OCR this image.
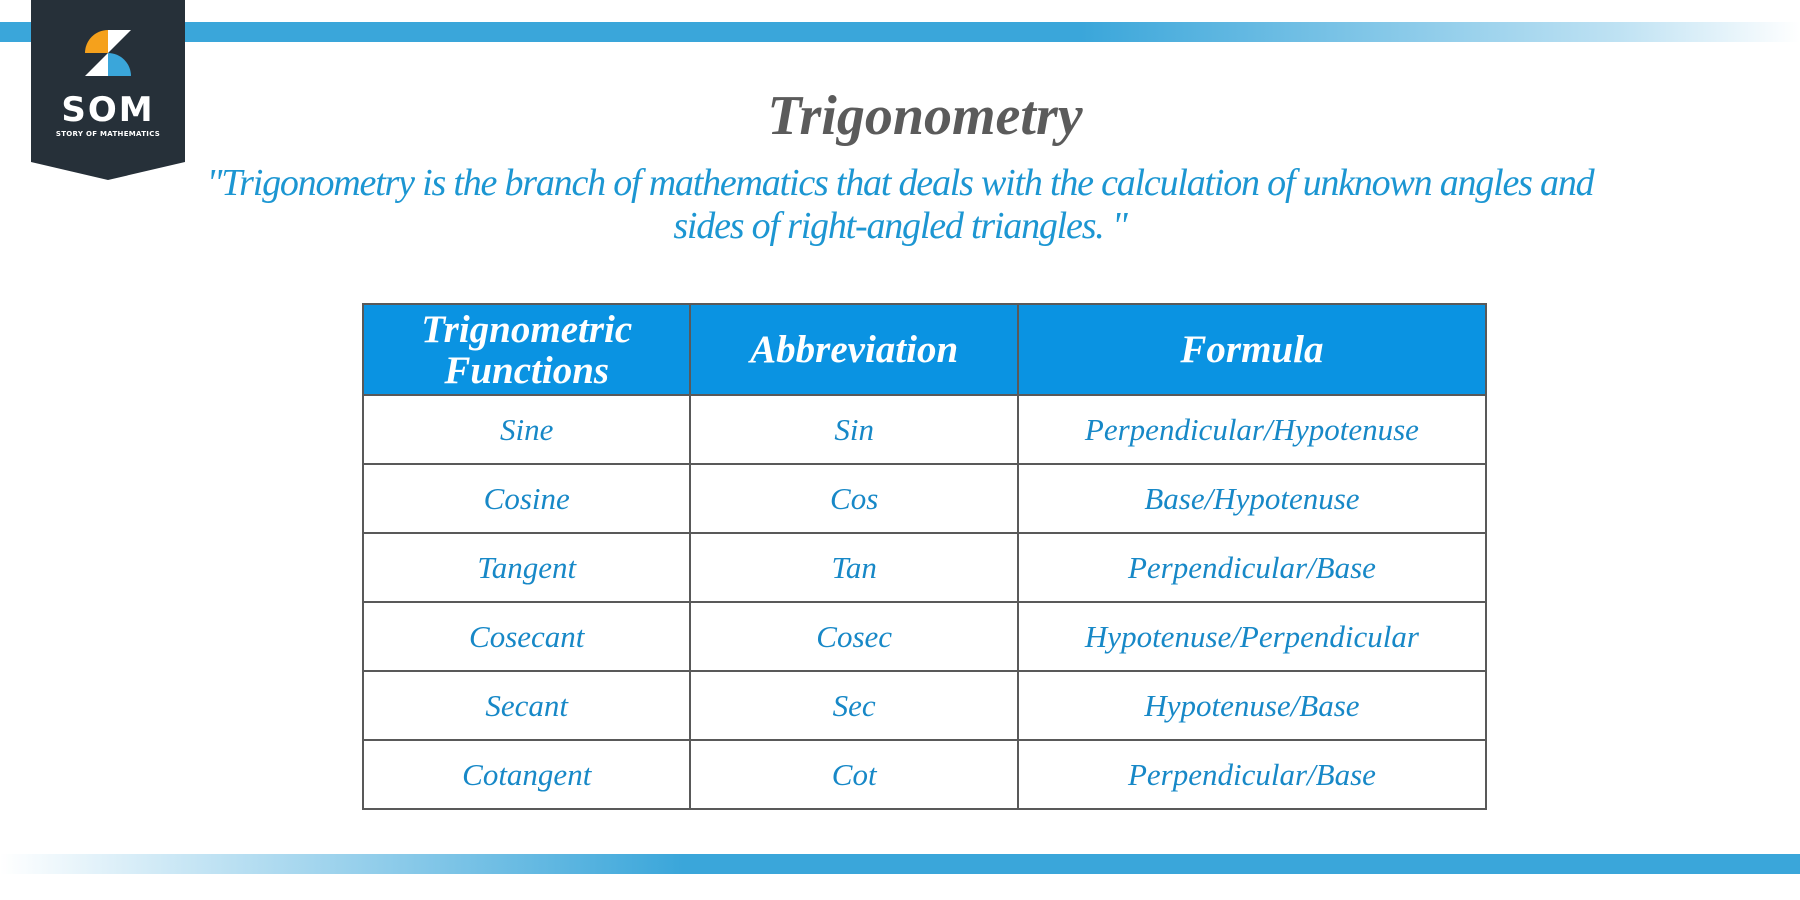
SOM
STORY OF MATHEMATICS	Trigonometry
"Trigonometry is the branch of mathematics that deals with the calculation of unknown angles and sides of right-angled triangles. "
Trignometric Functions	Abbreviation	Formula
Sine	Sin	Perpendicular/Hypotenuse
Cosine	Cos	Base/Hypotenuse
Tangent	Tan	Perpendicular/Base
Cosecant	Cosec	Hypotenuse/Perpendicular
Secant	Sec	Hypotenuse/Base
Cotangent	Cot	Perpendicular/Base
